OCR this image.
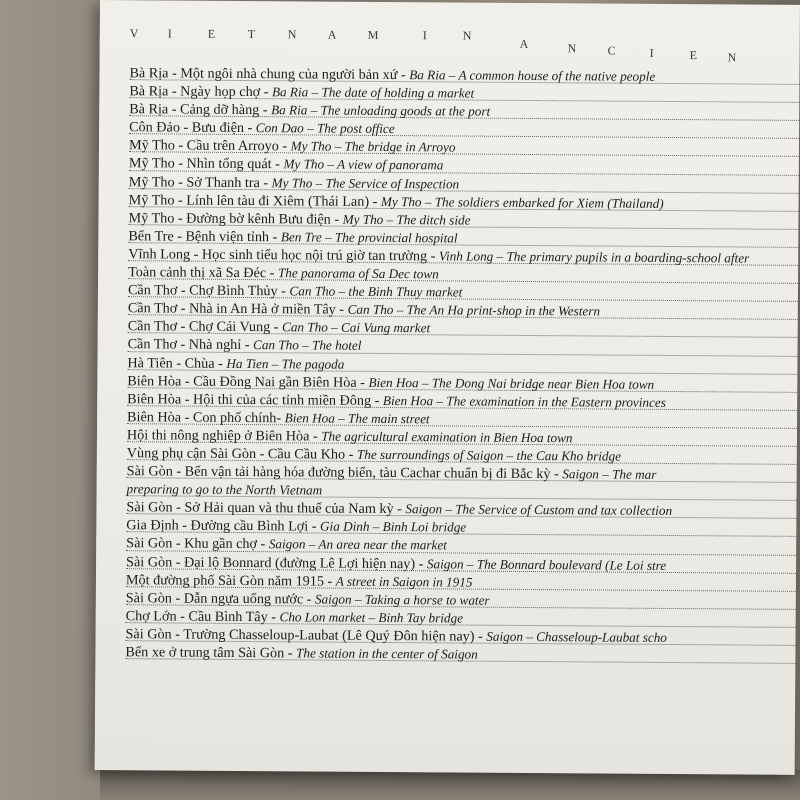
V I	E	T	N	A	M	I	N
A	N	C	I	E	N
Bà Rịa - Một ngôi nhà chung của người bản xứ - Ba Ria – A common house of the native people
Bà Rịa - Ngày họp chợ - Ba Ria – The date of holding a market
Bà Rịa - Cảng dỡ hàng - Ba Ria – The unloading goods at the port
Côn Đảo - Bưu điện - Con Dao – The post office
Mỹ Tho - Cầu trên Arroyo - My Tho – The bridge in Arroyo
Mỹ Tho - Nhìn tổng quát - My Tho – A view of panorama
Mỹ Tho - Sở Thanh tra - My Tho – The Service of Inspection
Mỹ Tho - Lính lên tàu đi Xiêm (Thái Lan) - My Tho – The soldiers embarked for Xiem (Thailand)
Mỹ Tho - Đường bờ kênh Bưu điện - My Tho – The ditch side
Bến Tre - Bệnh viện tỉnh - Ben Tre – The provincial hospital
Vĩnh Long - Học sinh tiểu học nội trú giờ tan trường - Vinh Long – The primary pupils in a boarding-school after
Toàn cảnh thị xã Sa Đéc - The panorama of Sa Dec town
Cần Thơ - Chợ Bình Thủy - Can Tho – the Binh Thuy market
Cần Thơ - Nhà in An Hà ở miền Tây - Can Tho – The An Ha print-shop in the Western
Cần Thơ - Chợ Cái Vung - Can Tho – Cai Vung market
Cần Thơ - Nhà nghỉ - Can Tho – The hotel
Hà Tiên - Chùa - Ha Tien – The pagoda
Biên Hòa - Cầu Đồng Nai gần Biên Hòa - Bien Hoa – The Dong Nai bridge near Bien Hoa town
Biên Hòa - Hội thi của các tỉnh miền Đông - Bien Hoa – The examination in the Eastern provinces
Biên Hòa - Con phố chính- Bien Hoa – The main street
Hội thi nông nghiệp ở Biên Hòa - The agricultural examination in Bien Hoa town
Vùng phụ cận Sài Gòn - Cầu Cầu Kho - The surroundings of Saigon – the Cau Kho bridge
Sài Gòn - Bến vận tải hàng hóa đường biển, tàu Cachar chuẩn bị đi Bắc kỳ - Saigon – The mar
preparing to go to the North Vietnam
Sài Gòn - Sở Hải quan và thu thuế của Nam kỳ - Saigon – The Service of Custom and tax collection
Gia Định - Đường cầu Bình Lợi - Gia Dinh – Binh Loi bridge
Sài Gòn - Khu gần chợ - Saigon – An area near the market
Sài Gòn - Đại lộ Bonnard (đường Lê Lợi hiện nay) - Saigon – The Bonnard boulevard (Le Loi stre
Một đường phố Sài Gòn năm 1915 - A street in Saigon in 1915
Sài Gòn - Dẫn ngựa uống nước - Saigon – Taking a horse to water
Chợ Lớn - Cầu Bình Tây - Cho Lon market – Binh Tay bridge
Sài Gòn - Trường Chasseloup-Laubat (Lê Quý Đôn hiện nay) - Saigon – Chasseloup-Laubat scho
Bến xe ở trung tâm Sài Gòn - The station in the center of Saigon
